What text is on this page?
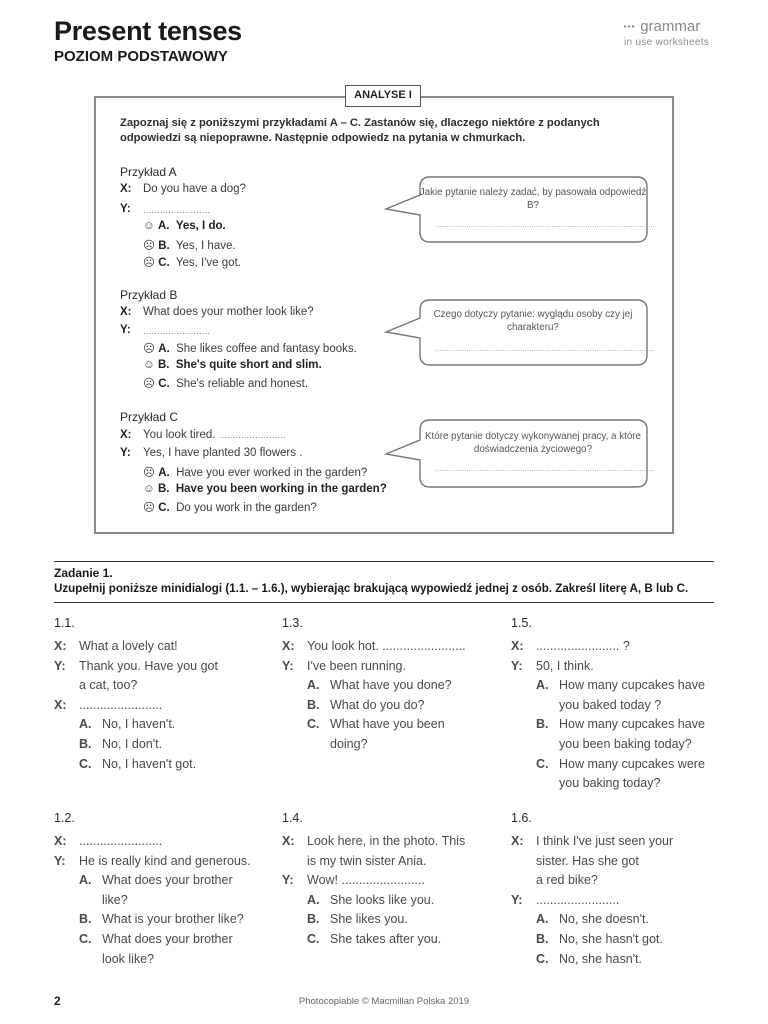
Present tenses
POZIOM PODSTAWOWY
▸▸▸ grammar
in use worksheets
ANALYSE I
Zapoznaj się z poniższymi przykładami A – C. Zastanów się, dlaczego niektóre z podanych odpowiedzi są niepoprawne. Następnie odpowiedz na pytania w chmurkach.
Przykład A
X: Do you have a dog?
Y: ........................
☺ A. Yes, I do.
☹ B. Yes, I have.
☹ C. Yes, I've got.
Jakie pytanie należy zadać, by pasowała odpowiedź B?
..................................................................................................
Przykład B
X: What does your mother look like?
Y: ........................
☹ A. She likes coffee and fantasy books.
☺ B. She's quite short and slim.
☹ C. She's reliable and honest.
Czego dotyczy pytanie: wyglądu osoby czy jej charakteru?
..................................................................................................
Przykład C
X: You look tired. ........................
Y: Yes, I have planted 30 flowers .
☹ A. Have you ever worked in the garden?
☺ B. Have you been working in the garden?
☹ C. Do you work in the garden?
Które pytanie dotyczy wykonywanej pracy, a które doświadczenia życiowego?
..................................................................................................
Zadanie 1.
Uzupełnij poniższe minidialogi (1.1. – 1.6.), wybierając brakującą wypowiedź jednej z osób. Zakreśl literę A, B lub C.
1.1.
X: What a lovely cat!
Y: Thank you. Have you got
a cat, too?
X: ........................
A. No, I haven't.
B. No, I don't.
C. No, I haven't got.
1.3.
X: You look hot. ........................
Y: I've been running.
A. What have you done?
B. What do you do?
C. What have you been
doing?
1.5.
X: ........................ ?
Y: 50, I think.
A. How many cupcakes have
you baked today ?
B. How many cupcakes have
you been baking today?
C. How many cupcakes were
you baking today?
1.2.
X: ........................
Y: He is really kind and generous.
A. What does your brother
like?
B. What is your brother like?
C. What does your brother
look like?
1.4.
X: Look here, in the photo. This
is my twin sister Ania.
Y: Wow! ........................
A. She looks like you.
B. She likes you.
C. She takes after you.
1.6.
X: I think I've just seen your
sister. Has she got
a red bike?
Y: ........................
A. No, she doesn't.
B. No, she hasn't got.
C. No, she hasn't.
2	Photocopiable © Macmillan Polska 2019
